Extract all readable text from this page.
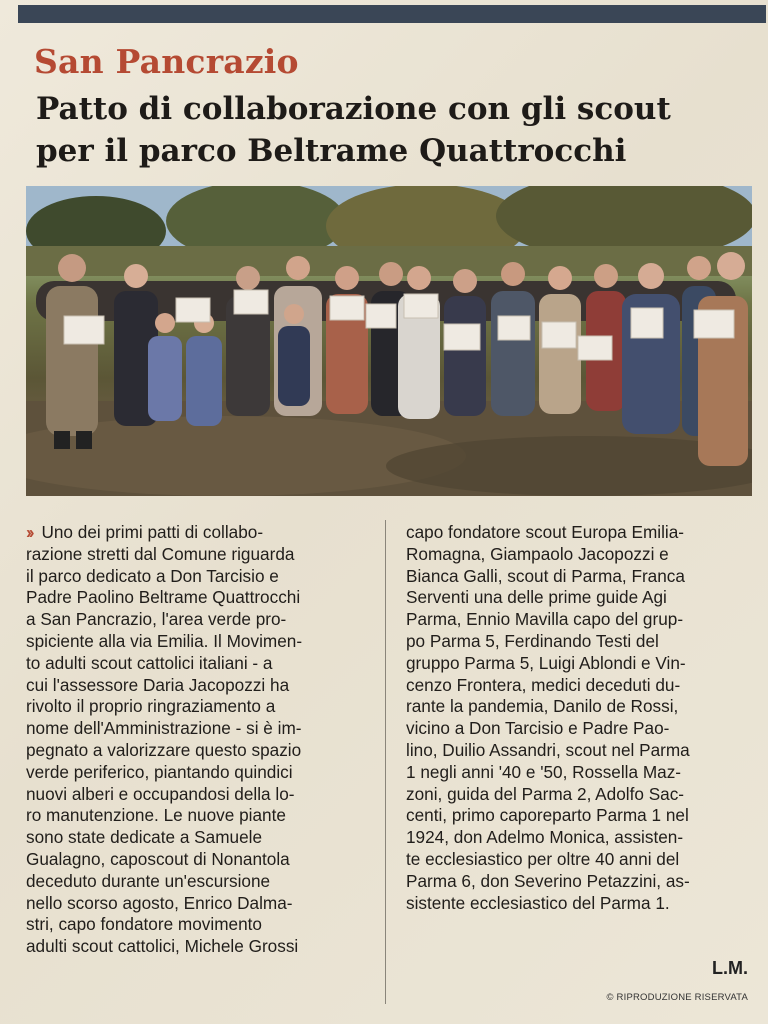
San Pancrazio
Patto di collaborazione con gli scout
per il parco Beltrame Quattrocchi
›› Uno dei primi patti di collabo-
razione stretti dal Comune riguarda
il parco dedicato a Don Tarcisio e
Padre Paolino Beltrame Quattrocchi
a San Pancrazio, l'area verde pro-
spiciente alla via Emilia. Il Movimen-
to adulti scout cattolici italiani - a
cui l'assessore Daria Jacopozzi ha
rivolto il proprio ringraziamento a
nome dell'Amministrazione - si è im-
pegnato a valorizzare questo spazio
verde periferico, piantando quindici
nuovi alberi e occupandosi della lo-
ro manutenzione. Le nuove piante
sono state dedicate a Samuele
Gualagno, caposcout di Nonantola
deceduto durante un'escursione
nello scorso agosto, Enrico Dalma-
stri, capo fondatore movimento
adulti scout cattolici, Michele Grossi
capo fondatore scout Europa Emilia-
Romagna, Giampaolo Jacopozzi e
Bianca Galli, scout di Parma, Franca
Serventi una delle prime guide Agi
Parma, Ennio Mavilla capo del grup-
po Parma 5, Ferdinando Testi del
gruppo Parma 5, Luigi Ablondi e Vin-
cenzo Frontera, medici deceduti du-
rante la pandemia, Danilo de Rossi,
vicino a Don Tarcisio e Padre Pao-
lino, Duilio Assandri, scout nel Parma
1 negli anni '40 e '50, Rossella Maz-
zoni, guida del Parma 2, Adolfo Sac-
centi, primo caporeparto Parma 1 nel
1924, don Adelmo Monica, assisten-
te ecclesiastico per oltre 40 anni del
Parma 6, don Severino Petazzini, as-
sistente ecclesiastico del Parma 1.
L.M.
© RIPRODUZIONE RISERVATA
